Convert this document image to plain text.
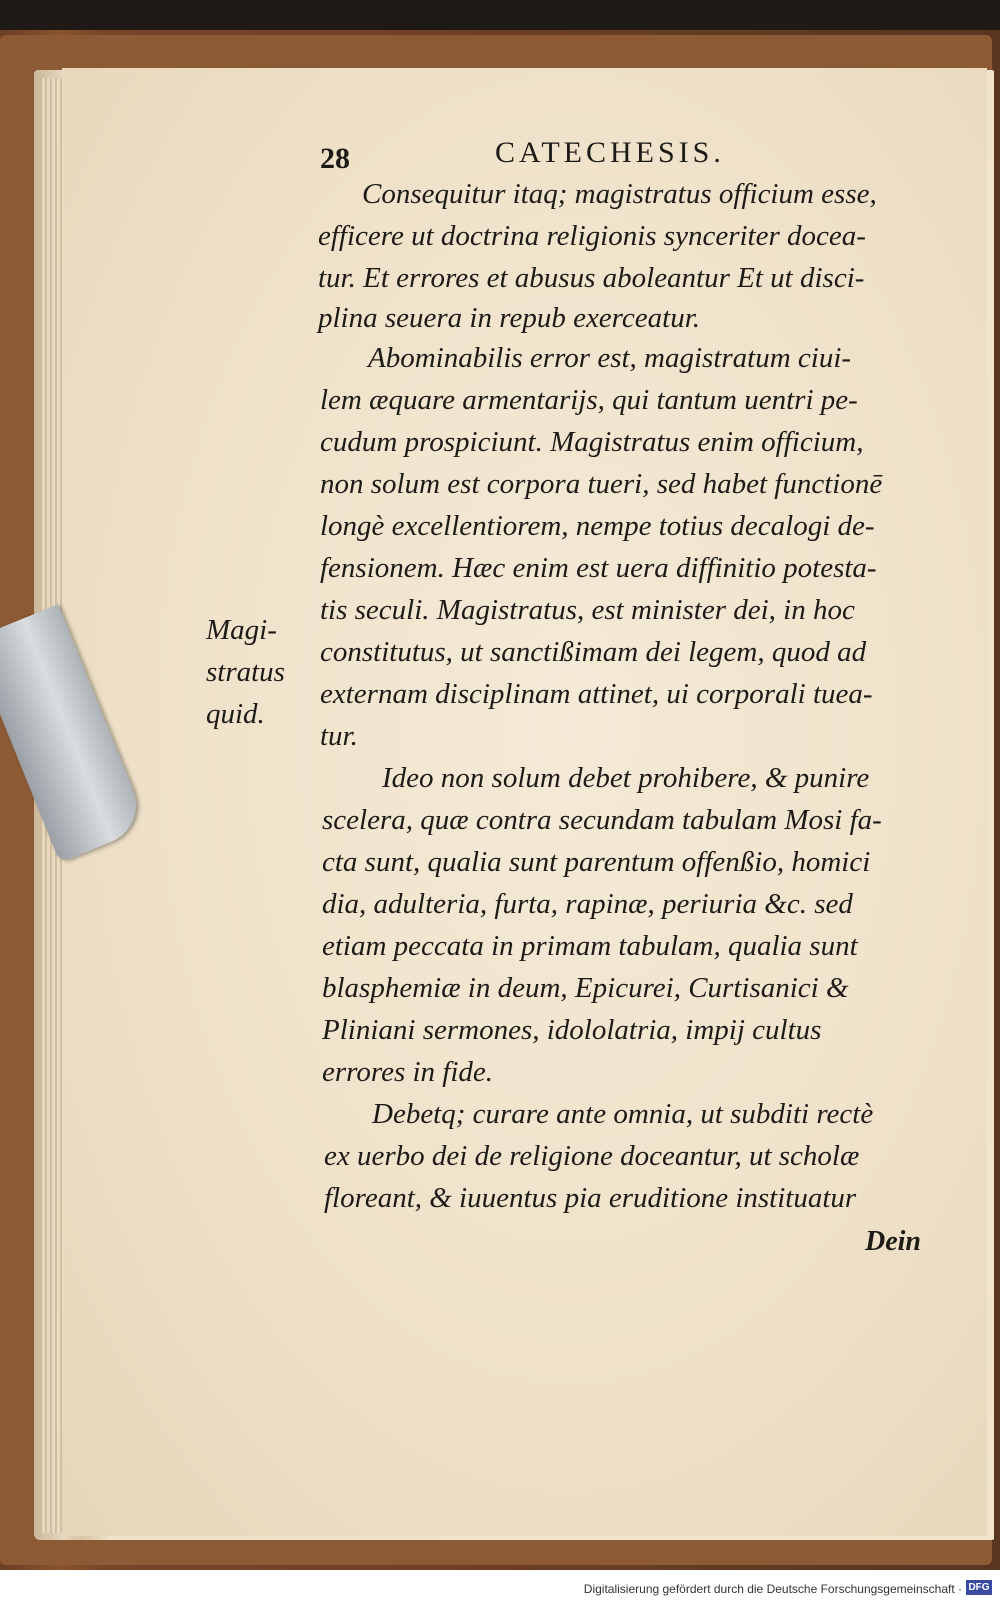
28	CATECHESIS.
Consequitur itaq; magistratus officium esse,
efficere ut doctrina religionis synceriter doceа-
tur. Et errores et abusus aboleantur Et ut disci-
plina seuera in repub exerceatur.
Abominabilis error est, magistratum ciui-
lem æquare armentarijs, qui tantum uentri pe-
cudum prospiciunt. Magistratus enim officium,
non solum est corpora tueri, sed habet functionē
longè excellentiorem, nempe totius decalogi de-
fensionem. Hæc enim est uera diffinitio potesta-
tis seculi. Magistratus, est minister dei, in hoc
constitutus, ut sanctißimam dei legem, quod ad
externam disciplinam attinet, ui corporali tuea-
tur.
Ideo non solum debet prohibere, & punire
scelera, quæ contra secundam tabulam Mosi fa-
cta sunt, qualia sunt parentum offenßio, homici
dia, adulteria, furta, rapinæ, periuria &c. sed
etiam peccata in primam tabulam, qualia sunt
blasphemiæ in deum, Epicurei, Curtisanici &
Pliniani sermones, idololatria, impij cultus
errores in fide.
Debetq; curare ante omnia, ut subditi rectè
ex uerbo dei de religione doceantur, ut scholæ
floreant, & iuuentus pia eruditione instituatur
Dein
Magi-
stratus
quid.
Digitalisierung gefördert durch die Deutsche Forschungsgemeinschaft · DFG
